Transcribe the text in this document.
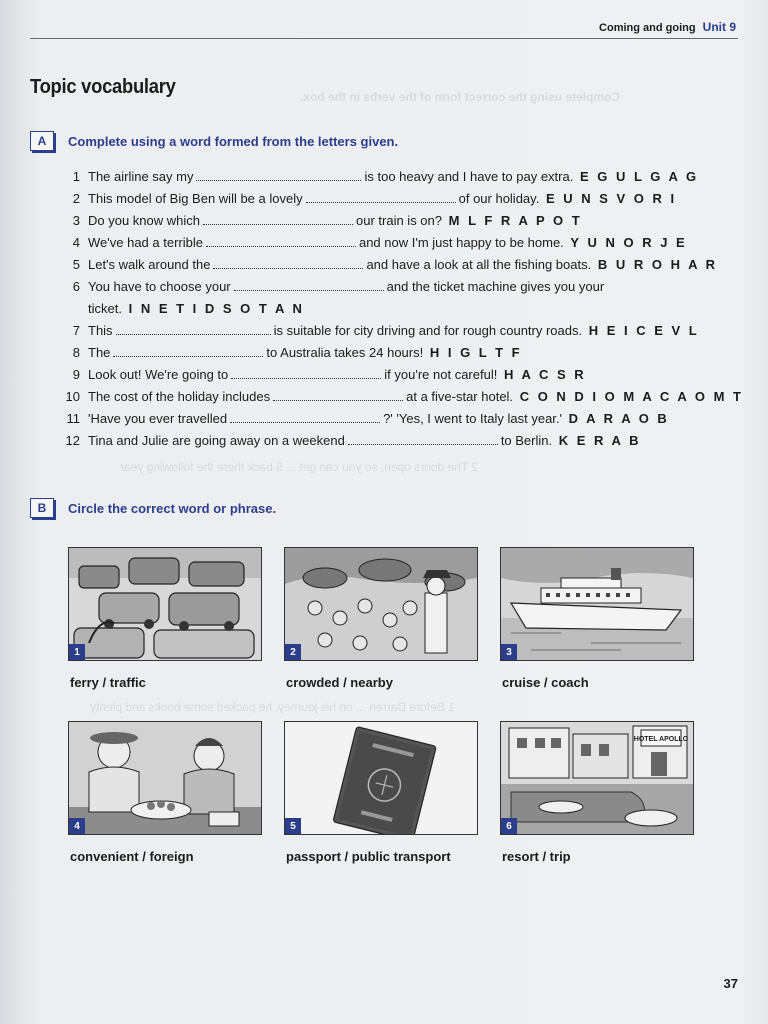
Complete using the correct form of the verbs in the box.
2 The doors open, so you can get ... 5 back there the following year
1 Before Darren ... on his journey, he packed some books and plenty
Coming and going Unit 9
Topic vocabulary
A	Complete using a word formed from the letters given.
1 The airline say my	is too heavy and I have to pay extra. E G U L G A G
2 This model of Big Ben will be a lovely	of our holiday. E U N S V O R I
3 Do you know which	our train is on? M L F R A P O T
4 We've had a terrible	and now I'm just happy to be home. Y U N O R J E
5 Let's walk around the	and have a look at all the fishing boats. B U R O H A R
6 You have to choose your	and the ticket machine gives you your
ticket. I N E T I D S O T A N
7 This	is suitable for city driving and for rough country roads. H E I C E V L
8 The	to Australia takes 24 hours! H I G L T F
9 Look out! We're going to	if you're not careful! H A C S R
10 The cost of the holiday includes	at a five-star hotel. C O N D I O M A C A O M T
11 'Have you ever travelled	?' 'Yes, I went to Italy last year.' D A R A O B
12 Tina and Julie are going away on a weekend	to Berlin. K E R A B
B	Circle the correct word or phrase.
1
ferry / traffic
2
crowded / nearby
3
cruise / coach
4
convenient / foreign
5
passport / public transport
HOTEL APOLLO
6
resort / trip
37
